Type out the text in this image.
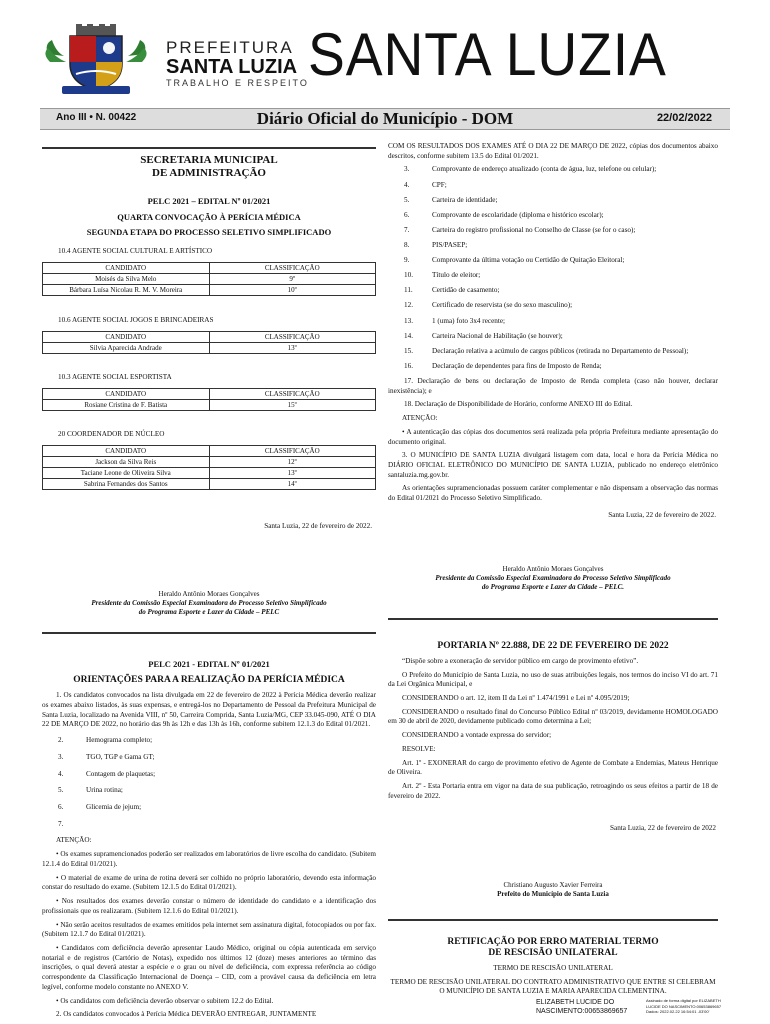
PREFEITURA
SANTA LUZIA
TRABALHO E RESPEITO SANTA LUZIA
Ano III • N. 00422	Diário Oficial do Município - DOM	22/02/2022
SECRETARIA MUNICIPAL
DE ADMINISTRAÇÃO
PELC 2021 – EDITAL Nº 01/2021
QUARTA CONVOCAÇÃO À PERÍCIA MÉDICA
SEGUNDA ETAPA DO PROCESSO SELETIVO SIMPLIFICADO
10.4 AGENTE SOCIAL CULTURAL E ARTÍSTICO
CANDIDATO	CLASSIFICAÇÃO
Moisés da Silva Melo	9º
Bárbara Luísa Nicolau R. M. V. Moreira	10º
10.6 AGENTE SOCIAL JOGOS E BRINCADEIRAS
CANDIDATO	CLASSIFICAÇÃO
Silvia Aparecida Andrade	13º
10.3 AGENTE SOCIAL ESPORTISTA
CANDIDATO	CLASSIFICAÇÃO
Rosiane Cristina de F. Batista	15º
20 COORDENADOR DE NÚCLEO
CANDIDATO	CLASSIFICAÇÃO
Jackson da Silva Reis	12º
Taciane Leone de Oliveira Silva	13º
Sabrina Fernandes dos Santos	14º
Santa Luzia, 22 de fevereiro de 2022.
Heraldo Antônio Moraes Gonçalves
Presidente da Comissão Especial Examinadora do Processo Seletivo Simplificado
do Programa Esporte e Lazer da Cidade – PELC
PELC 2021 - EDITAL Nº 01/2021
ORIENTAÇÕES PARA A REALIZAÇÃO DA PERÍCIA MÉDICA

1. Os candidatos convocados na lista divulgada em 22 de fevereiro de 2022 à Perícia Médica deverão realizar os exames abaixo listados, às suas expensas, e entregá-los no Departamento de Pessoal da Prefeitura Municipal de Santa Luzia, localizado na Avenida VIII, nº 50, Carreira Comprida, Santa Luzia/MG, CEP 33.045-090, ATÉ O DIA 22 DE MARÇO DE 2022, no horário das 9h às 12h e das 13h às 16h, conforme subitem 12.1.3 do Edital 01/2021.

2.	Hemograma completo;
3.	TGO, TGP e Gama GT;
4.	Contagem de plaquetas;
5.	Urina rotina;
6.	Glicemia de jejum;
7.

ATENÇÃO:

• Os exames supramencionados poderão ser realizados em laboratórios de livre escolha do candidato. (Subitem 12.1.4 do Edital 01/2021).

• O material de exame de urina de rotina deverá ser colhido no próprio laboratório, devendo esta informação constar do resultado do exame. (Subitem 12.1.5 do Edital 01/2021).

• Nos resultados dos exames deverão constar o número de identidade do candidato e a identificação dos profissionais que os realizaram. (Subitem 12.1.6 do Edital 01/2021).

• Não serão aceitos resultados de exames emitidos pela internet sem assinatura digital, fotocopiados ou por fax. (Subitem 12.1.7 do Edital 01/2021).

• Candidatos com deficiência deverão apresentar Laudo Médico, original ou cópia autenticada em serviço notarial e de registros (Cartório de Notas), expedido nos últimos 12 (doze) meses anteriores ao término das inscrições, o qual deverá atestar a espécie e o grau ou nível de deficiência, com expressa referência ao código correspondente da Classificação Internacional de Doença – CID, com a provável causa da deficiência em letra legível, conforme modelo constante no ANEXO V.

• Os candidatos com deficiência deverão observar o subitem 12.2 do Edital.

2. Os candidatos convocados à Perícia Médica DEVERÃO ENTREGAR, JUNTAMENTE

COM OS RESULTADOS DOS EXAMES ATÉ O DIA 22 DE MARÇO DE 2022, cópias dos documentos abaixo descritos, conforme subitem 13.5 do Edital 01/2021.

3.	Comprovante de endereço atualizado (conta de água, luz, telefone ou celular);
4.	CPF;
5.	Carteira de identidade;
6.	Comprovante de escolaridade (diploma e histórico escolar);
7.	Carteira do registro profissional no Conselho de Classe (se for o caso);
8.	PIS/PASEP;
9.	Comprovante da última votação ou Certidão de Quitação Eleitoral;
10.	Título de eleitor;
11.	Certidão de casamento;
12.	Certificado de reservista (se do sexo masculino);
13.	1 (uma) foto 3x4 recente;
14.	Carteira Nacional de Habilitação (se houver);
15.	Declaração relativa a acúmulo de cargos públicos (retirada no Departamento de Pessoal);
16.	Declaração de dependentes para fins de Imposto de Renda;

17. Declaração de bens ou declaração de Imposto de Renda completa (caso não houver, declarar inexistência); e

18. Declaração de Disponibilidade de Horário, conforme ANEXO III do Edital.

ATENÇÃO:

• A autenticação das cópias dos documentos será realizada pela própria Prefeitura mediante apresentação do documento original.

3. O MUNICÍPIO DE SANTA LUZIA divulgará listagem com data, local e hora da Perícia Médica no DIÁRIO OFICIAL ELETRÔNICO DO MUNICÍPIO DE SANTA LUZIA, publicado no endereço eletrônico santaluzia.mg.gov.br.

As orientações supramencionadas possuem caráter complementar e não dispensam a observação das normas do Edital 01/2021 do Processo Seletivo Simplificado.

Santa Luzia, 22 de fevereiro de 2022.
Heraldo Antônio Moraes Gonçalves
Presidente da Comissão Especial Examinadora do Processo Seletivo Simplificado
do Programa Esporte e Lazer da Cidade – PELC.
PORTARIA Nº 22.888, DE 22 DE FEVEREIRO DE 2022

“Dispõe sobre a exoneração de servidor público em cargo de provimento efetivo”.

O Prefeito do Município de Santa Luzia, no uso de suas atribuições legais, nos termos do inciso VI do art. 71 da Lei Orgânica Municipal, e

CONSIDERANDO o art. 12, item II da Lei nº 1.474/1991 e Lei nº 4.095/2019;

CONSIDERANDO o resultado final do Concurso Público Edital nº 03/2019, devidamente HOMOLOGADO em 30 de abril de 2020, devidamente publicado como determina a Lei;

CONSIDERANDO a vontade expressa do servidor;

RESOLVE:

Art. 1º - EXONERAR do cargo de provimento efetivo de Agente de Combate a Endemias, Mateus Henrique de Oliveira.

Art. 2º - Esta Portaria entra em vigor na data de sua publicação, retroagindo os seus efeitos a partir de 18 de fevereiro de 2022.

Santa Luzia, 22 de fevereiro de 2022
Christiano Augusto Xavier Ferreira
Prefeito do Município de Santa Luzia
RETIFICAÇÃO POR ERRO MATERIAL TERMO
DE RESCISÃO UNILATERAL
TERMO DE RESCISÃO UNILATERAL
TERMO DE RESCISÃO UNILATERAL DO CONTRATO ADMINISTRATIVO QUE ENTRE SI CELEBRAM O MUNICÍPIO DE SANTA LUZIA E MARIA APARECIDA CLEMENTINA.
ELIZABETH LUCIDE DO
NASCIMENTO:00653869657
Assinado de forma digital por ELIZABETH
LUCIDE DO NASCIMENTO:00653869657
Dados: 2022.02.22 16:54:01 -03'00'
